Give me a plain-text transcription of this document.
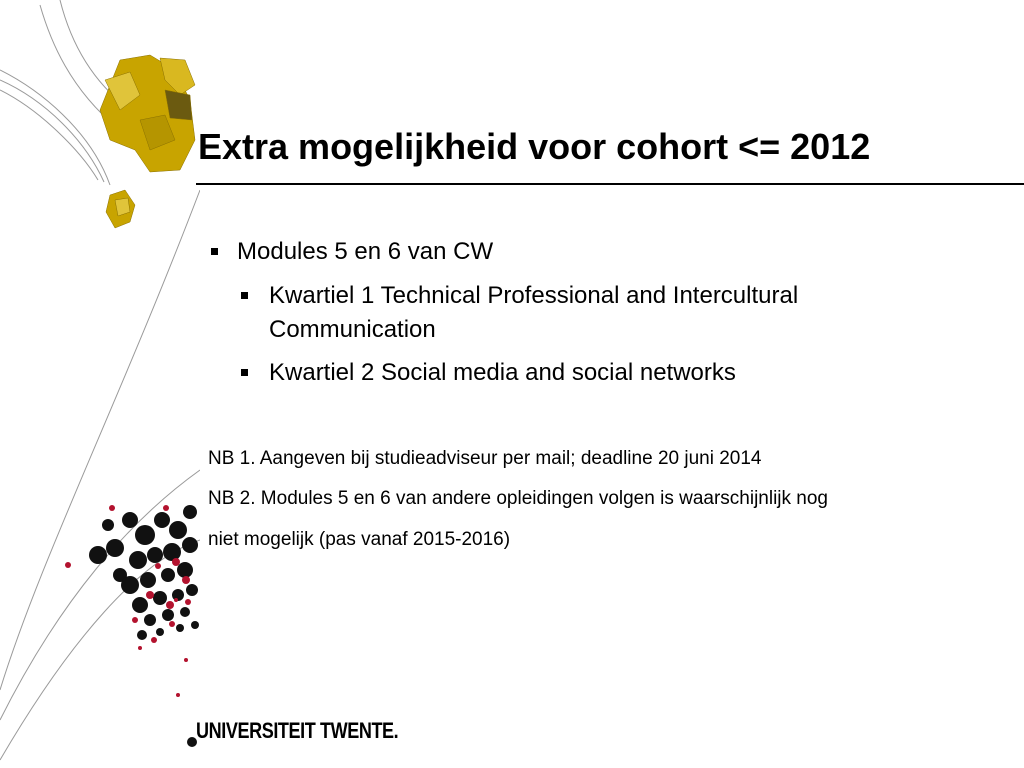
Extra mogelijkheid voor cohort <= 2012
Modules 5 en 6 van CW
Kwartiel 1 Technical Professional and Intercultural
Communication
Kwartiel 2 Social media and social networks

NB 1. Aangeven bij studieadviseur per mail; deadline 20 juni 2014

NB 2. Modules 5 en 6 van andere opleidingen volgen is waarschijnlijk nog
niet mogelijk (pas vanaf 2015-2016)

UNIVERSITEIT TWENTE.
